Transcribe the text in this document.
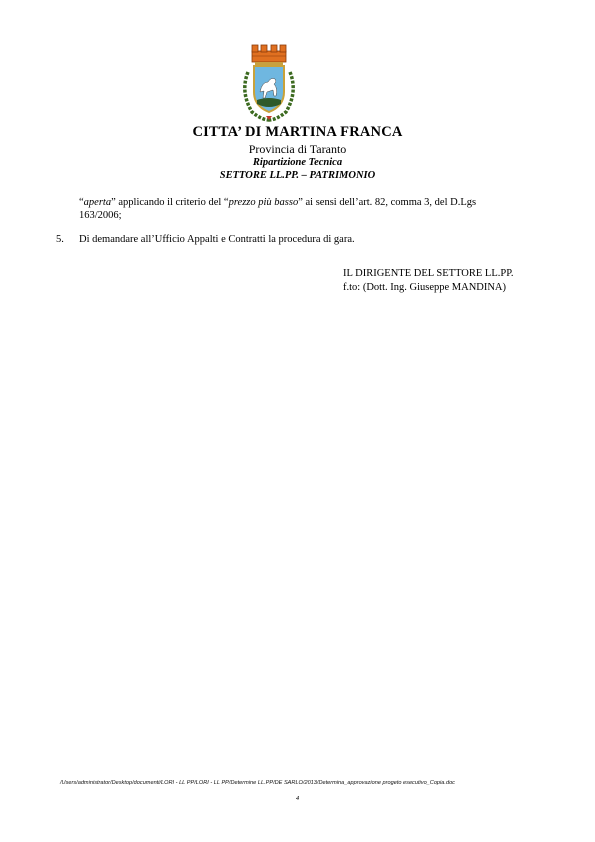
CITTA’ DI MARTINA FRANCA
Provincia di Taranto
Ripartizione Tecnica
SETTORE LL.PP. – PATRIMONIO
“aperta” applicando il criterio del “prezzo più basso” ai sensi dell’art. 82, comma 3, del D.Lgs 163/2006;
5. Di demandare all’Ufficio Appalti e Contratti la procedura di gara.
IL DIRIGENTE DEL SETTORE LL.PP.
f.to: (Dott. Ing. Giuseppe MANDINA)
/Users/administrator/Desktop/documenti/LORI - LL PP/LORI - LL PP/Determine LL.PP/DE SARLO/2013/Determina_approvazione progeto esecutivo_Copia.doc
4
